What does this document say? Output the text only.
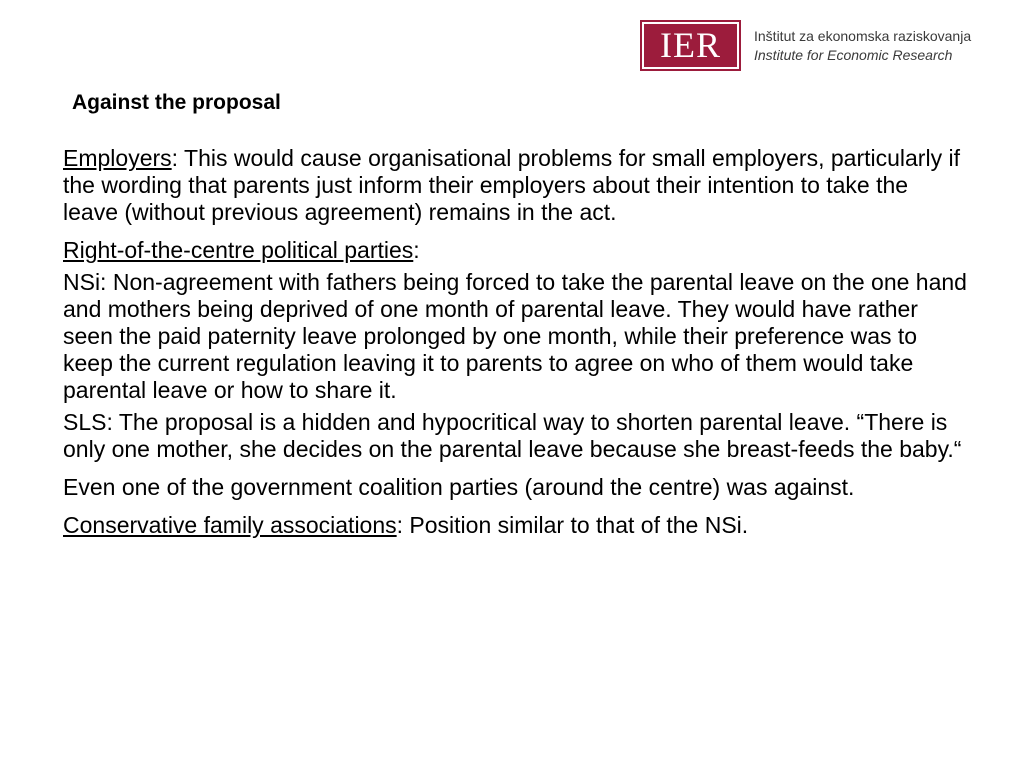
IER	Inštitut za ekonomska raziskovanja
Institute for Economic Research
Against the proposal

Employers: This would cause organisational problems for small employers, particularly if the wording that parents just inform their employers about their intention to take the leave (without previous agreement) remains in the act.

Right-of-the-centre political parties:

NSi: Non-agreement with fathers being forced to take the parental leave on the one hand and mothers being deprived of one month of parental leave. They would have rather seen the paid paternity leave prolonged by one month, while their preference was to keep the current regulation leaving it to parents to agree on who of them would take parental leave or how to share it.

SLS: The proposal is a hidden and hypocritical way to shorten parental leave. “There is only one mother, she decides on the parental leave because she breast-feeds the baby.“

Even one of the government coalition parties (around the centre) was against.

Conservative family associations: Position similar to that of the NSi.
